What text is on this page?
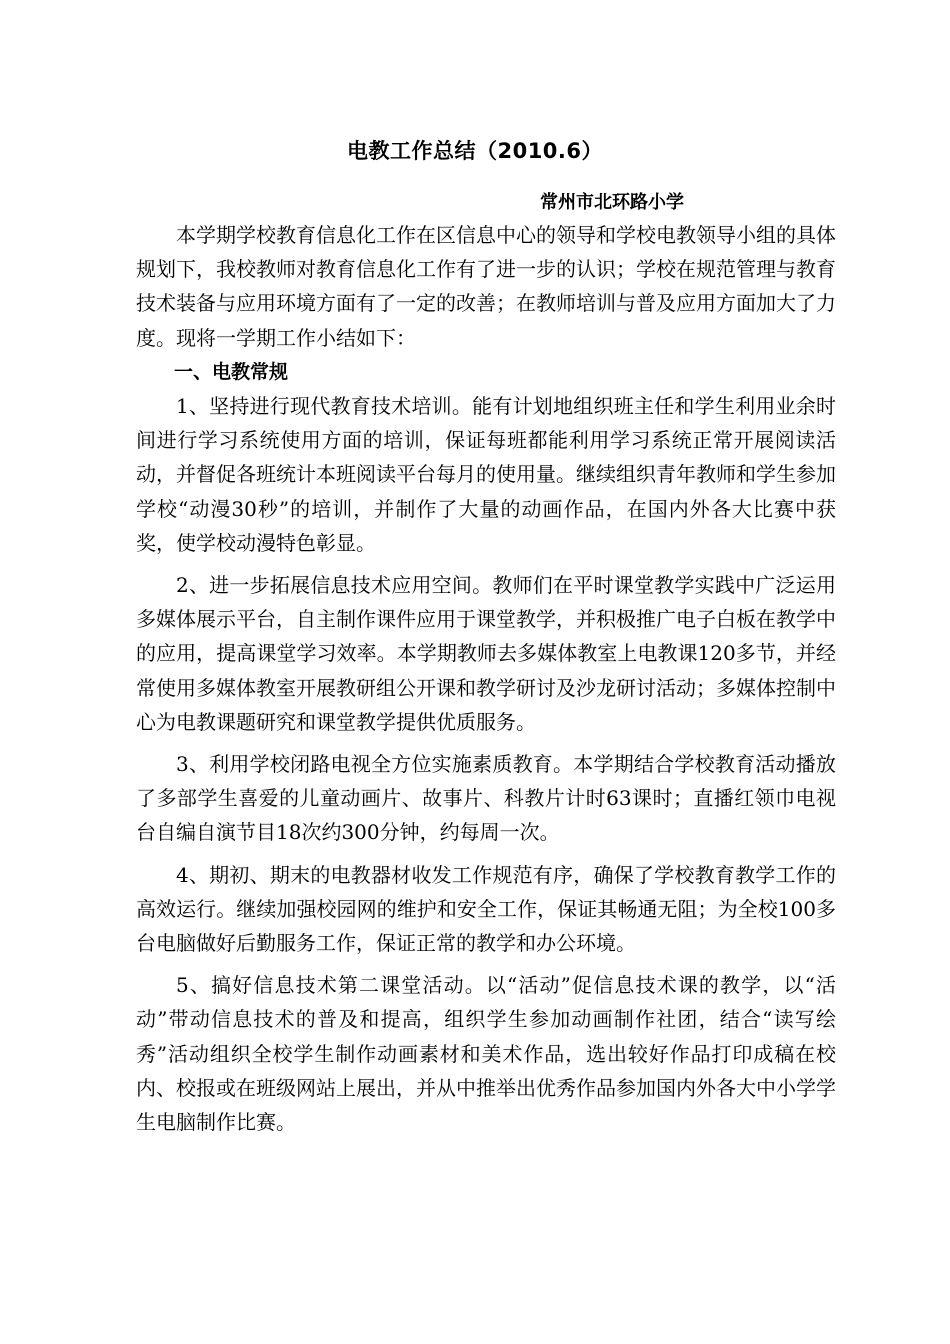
电教工作总结（2010.6）
常州市北环路小学

本学期学校教育信息化工作在区信息中心的领导和学校电教领导小组的具体规划下，我校教师对教育信息化工作有了进一步的认识；学校在规范管理与教育技术装备与应用环境方面有了一定的改善；在教师培训与普及应用方面加大了力度。现将一学期工作小结如下：

一、电教常规

1、坚持进行现代教育技术培训。能有计划地组织班主任和学生利用业余时间进行学习系统使用方面的培训，保证每班都能利用学习系统正常开展阅读活动，并督促各班统计本班阅读平台每月的使用量。继续组织青年教师和学生参加学校“动漫30秒”的培训，并制作了大量的动画作品，在国内外各大比赛中获奖，使学校动漫特色彰显。

2、进一步拓展信息技术应用空间。教师们在平时课堂教学实践中广泛运用多媒体展示平台，自主制作课件应用于课堂教学，并积极推广电子白板在教学中的应用，提高课堂学习效率。本学期教师去多媒体教室上电教课120多节，并经常使用多媒体教室开展教研组公开课和教学研讨及沙龙研讨活动；多媒体控制中心为电教课题研究和课堂教学提供优质服务。

3、利用学校闭路电视全方位实施素质教育。本学期结合学校教育活动播放了多部学生喜爱的儿童动画片、故事片、科教片计时63课时；直播红领巾电视台自编自演节目18次约300分钟，约每周一次。

4、期初、期末的电教器材收发工作规范有序，确保了学校教育教学工作的高效运行。继续加强校园网的维护和安全工作，保证其畅通无阻；为全校100多台电脑做好后勤服务工作，保证正常的教学和办公环境。

5、搞好信息技术第二课堂活动。以“活动”促信息技术课的教学，以“活动”带动信息技术的普及和提高，组织学生参加动画制作社团，结合“读写绘秀”活动组织全校学生制作动画素材和美术作品，选出较好作品打印成稿在校内、校报或在班级网站上展出，并从中推举出优秀作品参加国内外各大中小学学生电脑制作比赛。
